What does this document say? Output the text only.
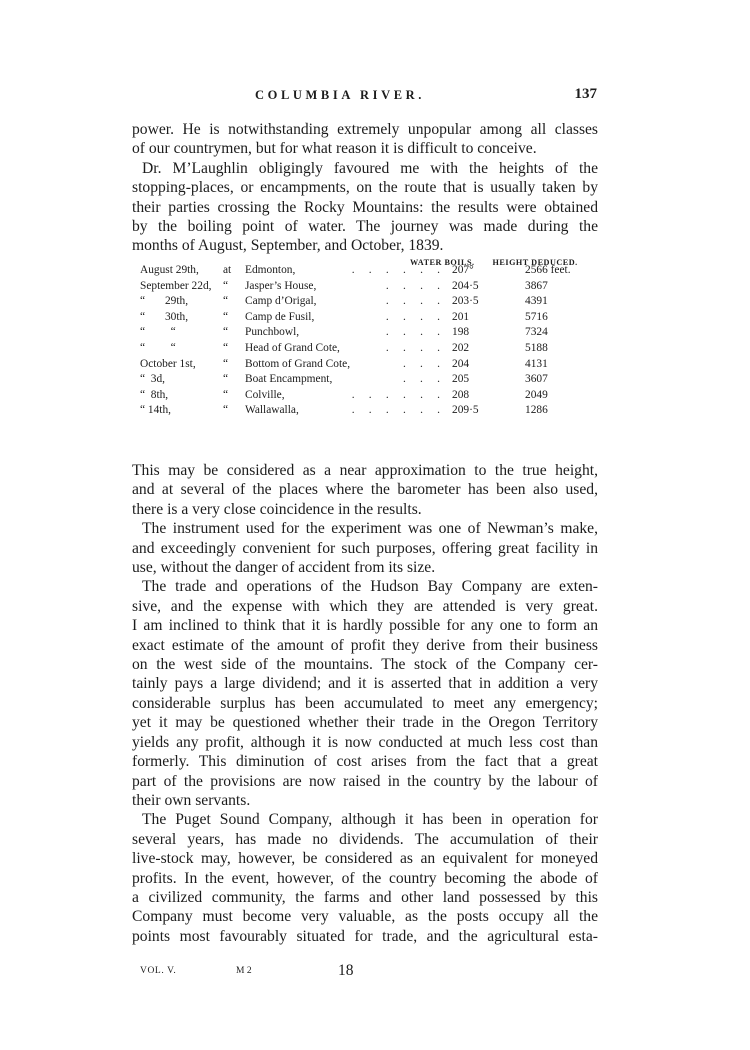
COLUMBIA RIVER.	137

power. He is notwithstanding extremely unpopular among all classes
of our countrymen, but for what reason it is difficult to conceive.

Dr. M’Laughlin obligingly favoured me with the heights of the
stopping-places, or encampments, on the route that is usually taken by
their parties crossing the Rocky Mountains: the results were obtained
by the boiling point of water. The journey was made during the
months of August, September, and October, 1839.

WATER BOILS. HEIGHT DEDUCED.
August 29th, at Edmonton,	.     .     .     .     .     . 207°	2566 feet.
September 22d, “ Jasper’s House,	.     .     .     . 204·5	3867
“       29th,	“ Camp d’Origal,	.     .     .     . 203·5	4391
“       30th,	“ Camp de Fusil,	.     .     .     . 201	5716
“         “	“ Punchbowl,	.     .     .     . 198	7324
“         “	“ Head of Grand Cote,	.     .     .     . 202	5188
October 1st, “ Bottom of Grand Cote,	.     .     . 204	4131
“  3d,	“ Boat Encampment,	.     .     . 205	3607
“  8th,	“ Colville,	.     .     .     .     .     . 208	2049
“ 14th,	“ Wallawalla,	.     .     .     .     .     . 209·5	1286

This may be considered as a near approximation to the true height,
and at several of the places where the barometer has been also used,
there is a very close coincidence in the results.

The instrument used for the experiment was one of Newman’s make,
and exceedingly convenient for such purposes, offering great facility in
use, without the danger of accident from its size.

The trade and operations of the Hudson Bay Company are exten-
sive, and the expense with which they are attended is very great.
I am inclined to think that it is hardly possible for any one to form an
exact estimate of the amount of profit they derive from their business
on the west side of the mountains. The stock of the Company cer-
tainly pays a large dividend; and it is asserted that in addition a very
considerable surplus has been accumulated to meet any emergency;
yet it may be questioned whether their trade in the Oregon Territory
yields any profit, although it is now conducted at much less cost than
formerly. This diminution of cost arises from the fact that a great
part of the provisions are now raised in the country by the labour of
their own servants.

The Puget Sound Company, although it has been in operation for
several years, has made no dividends. The accumulation of their
live-stock may, however, be considered as an equivalent for moneyed
profits. In the event, however, of the country becoming the abode of
a civilized community, the farms and other land possessed by this
Company must become very valuable, as the posts occupy all the
points most favourably situated for trade, and the agricultural esta-

VOL. V.	M 2	18
